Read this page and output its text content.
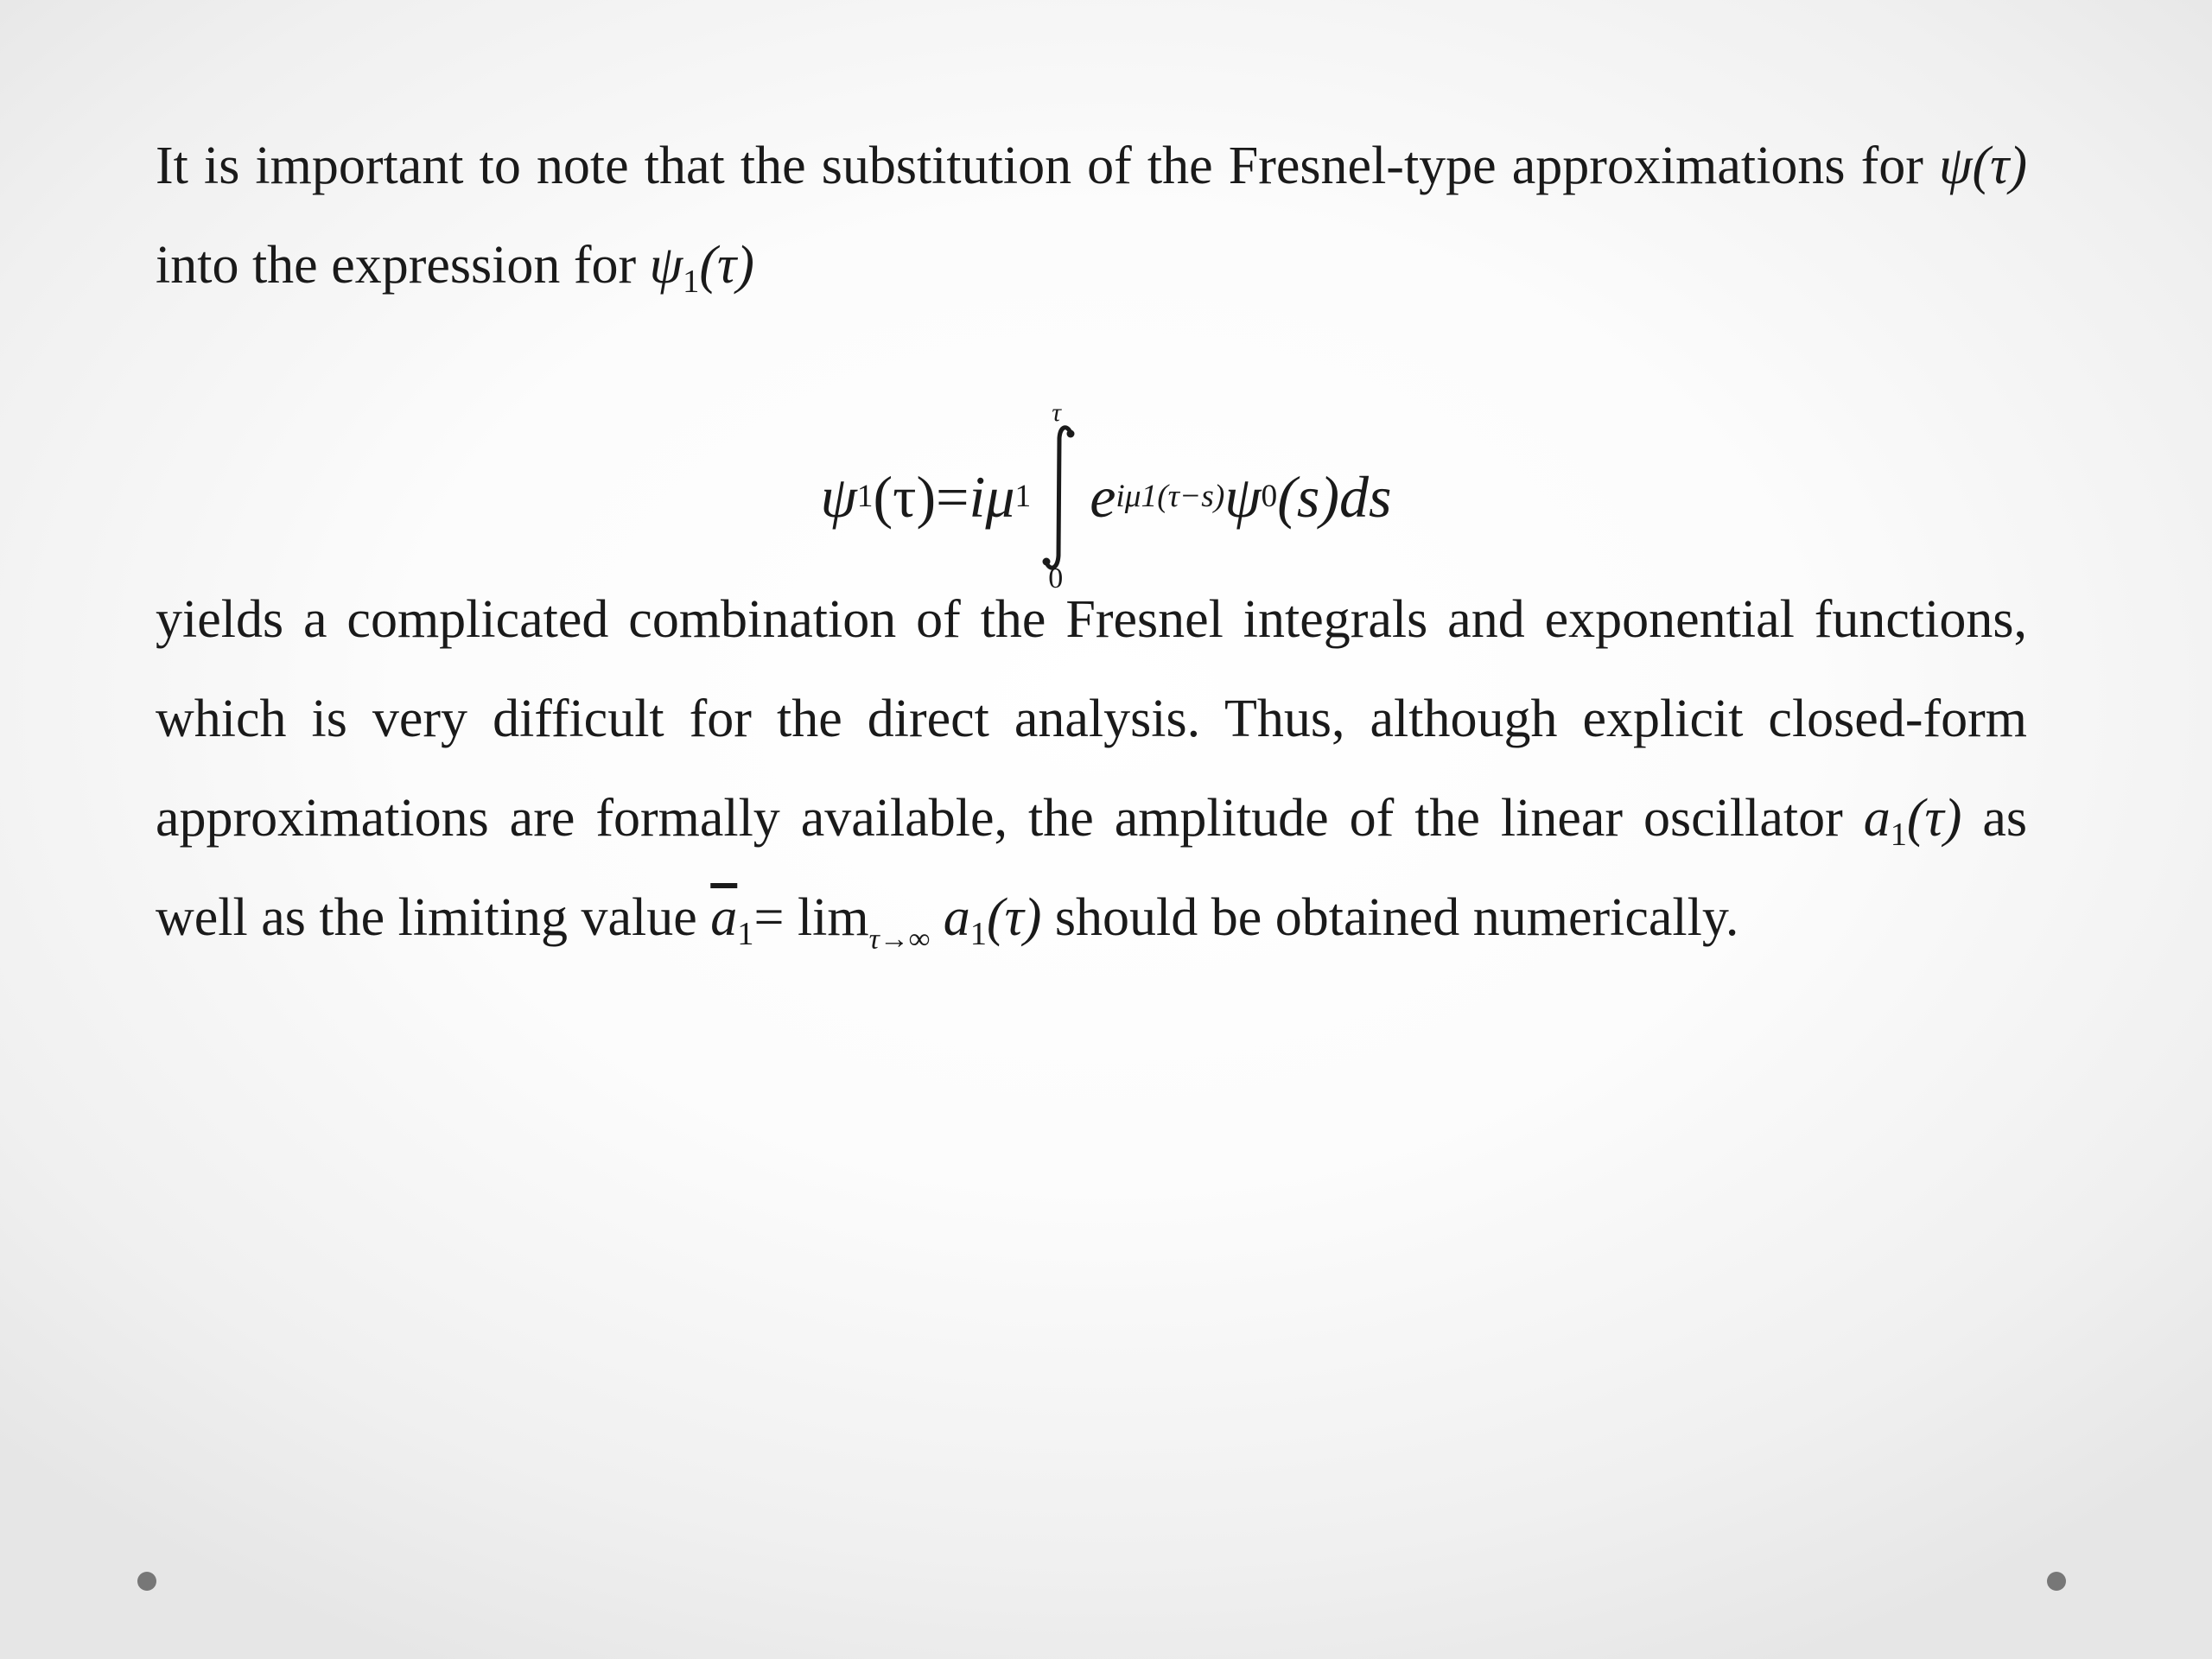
It is important to note that the substitution of the Fresnel-type approximations for ψ(τ) into the expression for $\psi_1(\tau)$

ψ 1 (τ) = iμ 1
τ
0
e iμ1(τ−s) ψ 0 (s)ds

yields a complicated combination of the Fresnel integrals and exponential functions, which is very difficult for the direct analysis. Thus, although explicit closed-form approximations are formally available, the amplitude of the linear oscillator $a_1(\tau)$ as well as the limiting value $\overline{a}_1= \lim_{\tau\to\infty} a_1(\tau)$ should be obtained numerically.
